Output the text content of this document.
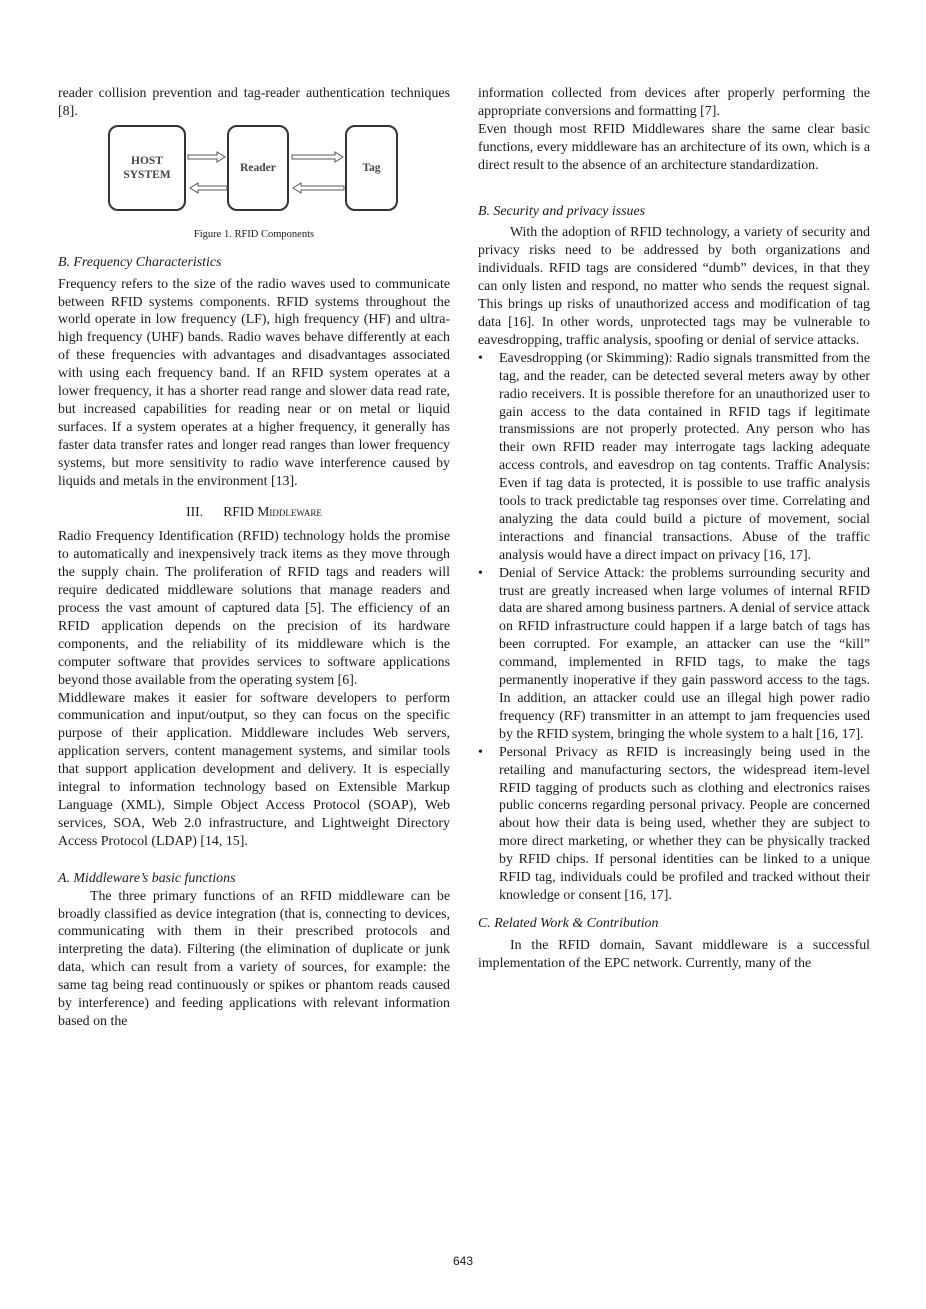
reader collision prevention and tag-reader authentication techniques [8].

HOST SYSTEM
Reader	Tag
Figure 1. RFID Components

B. Frequency Characteristics

Frequency refers to the size of the radio waves used to communicate between RFID systems components. RFID systems throughout the world operate in low frequency (LF), high frequency (HF) and ultra-high frequency (UHF) bands. Radio waves behave differently at each of these frequencies with advantages and disadvantages associated with using each frequency band. If an RFID system operates at a lower frequency, it has a shorter read range and slower data read rate, but increased capabilities for reading near or on metal or liquid surfaces. If a system operates at a higher frequency, it generally has faster data transfer rates and longer read ranges than lower frequency systems, but more sensitivity to radio wave interference caused by liquids and metals in the environment [13].

III. RFID Middleware

Radio Frequency Identification (RFID) technology holds the promise to automatically and inexpensively track items as they move through the supply chain. The proliferation of RFID tags and readers will require dedicated middleware solutions that manage readers and process the vast amount of captured data [5]. The efficiency of an RFID application depends on the precision of its hardware components, and the reliability of its middleware which is the computer software that provides services to software applications beyond those available from the operating system [6].

Middleware makes it easier for software developers to perform communication and input/output, so they can focus on the specific purpose of their application. Middleware includes Web servers, application servers, content management systems, and similar tools that support application development and delivery. It is especially integral to information technology based on Extensible Markup Language (XML), Simple Object Access Protocol (SOAP), Web services, SOA, Web 2.0 infrastructure, and Lightweight Directory Access Protocol (LDAP) [14, 15].

A. Middleware’s basic functions

The three primary functions of an RFID middleware can be broadly classified as device integration (that is, connecting to devices, communicating with them in their prescribed protocols and interpreting the data). Filtering (the elimination of duplicate or junk data, which can result from a variety of sources, for example: the same tag being read continuously or spikes or phantom reads caused by interference) and feeding applications with relevant information based on the

information collected from devices after properly performing the appropriate conversions and formatting [7].

Even though most RFID Middlewares share the same clear basic functions, every middleware has an architecture of its own, which is a direct result to the absence of an architecture standardization.

B. Security and privacy issues

With the adoption of RFID technology, a variety of security and privacy risks need to be addressed by both organizations and individuals. RFID tags are considered “dumb” devices, in that they can only listen and respond, no matter who sends the request signal. This brings up risks of unauthorized access and modification of tag data [16]. In other words, unprotected tags may be vulnerable to eavesdropping, traffic analysis, spoofing or denial of service attacks.

• Eavesdropping (or Skimming): Radio signals transmitted from the tag, and the reader, can be detected several meters away by other radio receivers. It is possible therefore for an unauthorized user to gain access to the data contained in RFID tags if legitimate transmissions are not properly protected. Any person who has their own RFID reader may interrogate tags lacking adequate access controls, and eavesdrop on tag contents. Traffic Analysis: Even if tag data is protected, it is possible to use traffic analysis tools to track predictable tag responses over time. Correlating and analyzing the data could build a picture of movement, social interactions and financial transactions. Abuse of the traffic analysis would have a direct impact on privacy [16, 17].
• Denial of Service Attack: the problems surrounding security and trust are greatly increased when large volumes of internal RFID data are shared among business partners. A denial of service attack on RFID infrastructure could happen if a large batch of tags has been corrupted. For example, an attacker can use the “kill” command, implemented in RFID tags, to make the tags permanently inoperative if they gain password access to the tags. In addition, an attacker could use an illegal high power radio frequency (RF) transmitter in an attempt to jam frequencies used by the RFID system, bringing the whole system to a halt [16, 17].
• Personal Privacy as RFID is increasingly being used in the retailing and manufacturing sectors, the widespread item-level RFID tagging of products such as clothing and electronics raises public concerns regarding personal privacy. People are concerned about how their data is being used, whether they are subject to more direct marketing, or whether they can be physically tracked by RFID chips. If personal identities can be linked to a unique RFID tag, individuals could be profiled and tracked without their knowledge or consent [16, 17].

C. Related Work & Contribution

In the RFID domain, Savant middleware is a successful implementation of the EPC network. Currently, many of the

643
